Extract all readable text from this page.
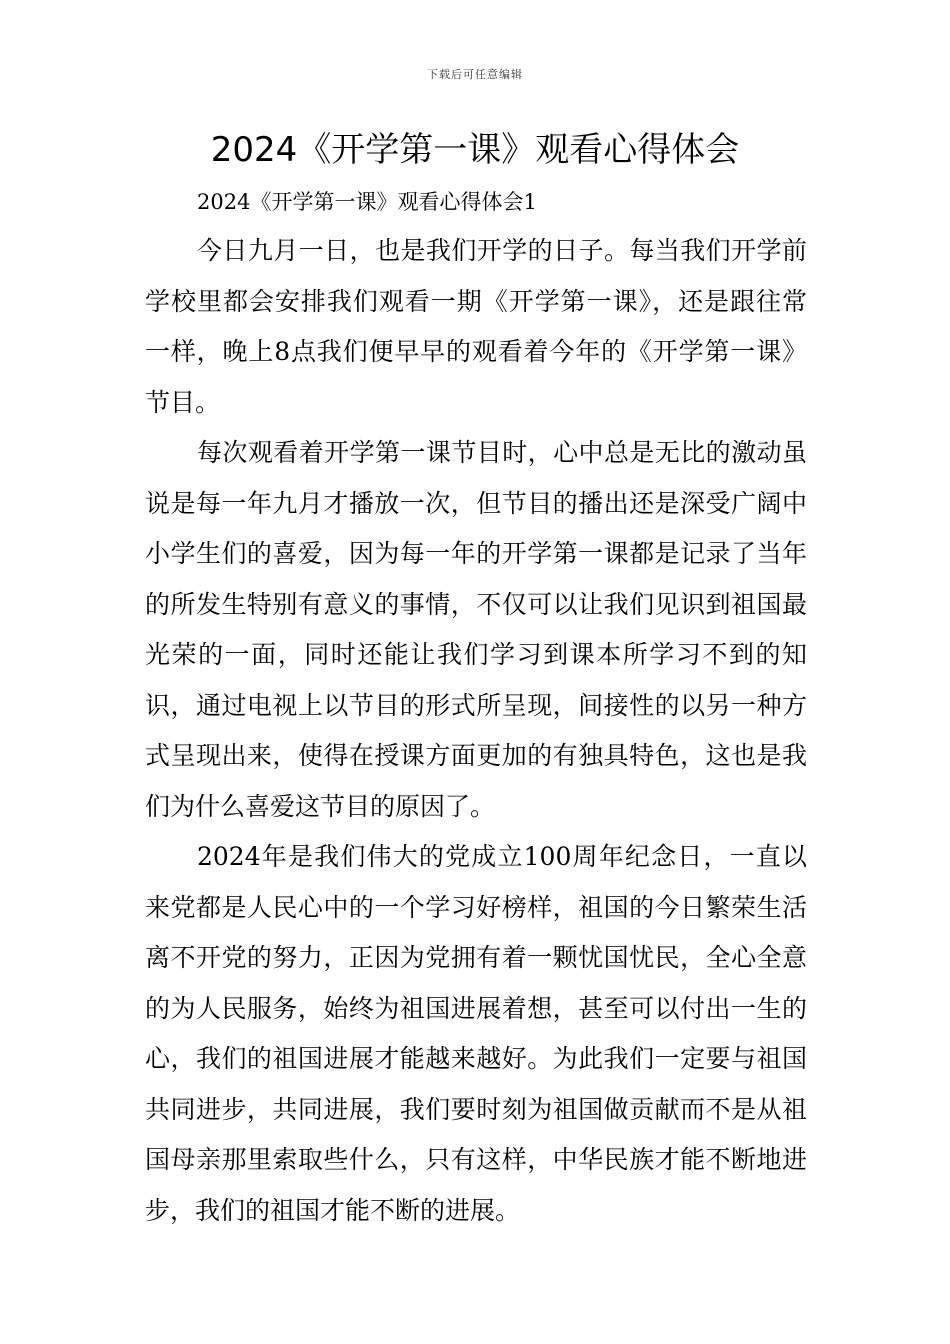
下载后可任意编辑
2024《开学第一课》观看心得体会

2024《开学第一课》观看心得体会1

今日九月一日，也是我们开学的日子。每当我们开学前学校里都会安排我们观看一期《开学第一课》，还是跟往常一样，晚上8点我们便早早的观看着今年的《开学第一课》节目。

每次观看着开学第一课节目时，心中总是无比的激动虽说是每一年九月才播放一次，但节目的播出还是深受广阔中小学生们的喜爱，因为每一年的开学第一课都是记录了当年的所发生特别有意义的事情，不仅可以让我们见识到祖国最光荣的一面，同时还能让我们学习到课本所学习不到的知识，通过电视上以节目的形式所呈现，间接性的以另一种方式呈现出来，使得在授课方面更加的有独具特色，这也是我们为什么喜爱这节目的原因了。

2024年是我们伟大的党成立100周年纪念日，一直以来党都是人民心中的一个学习好榜样，祖国的今日繁荣生活离不开党的努力，正因为党拥有着一颗忧国忧民，全心全意的为人民服务，始终为祖国进展着想，甚至可以付出一生的心，我们的祖国进展才能越来越好。为此我们一定要与祖国共同进步，共同进展，我们要时刻为祖国做贡献而不是从祖国母亲那里索取些什么，只有这样，中华民族才能不断地进步，我们的祖国才能不断的进展。
